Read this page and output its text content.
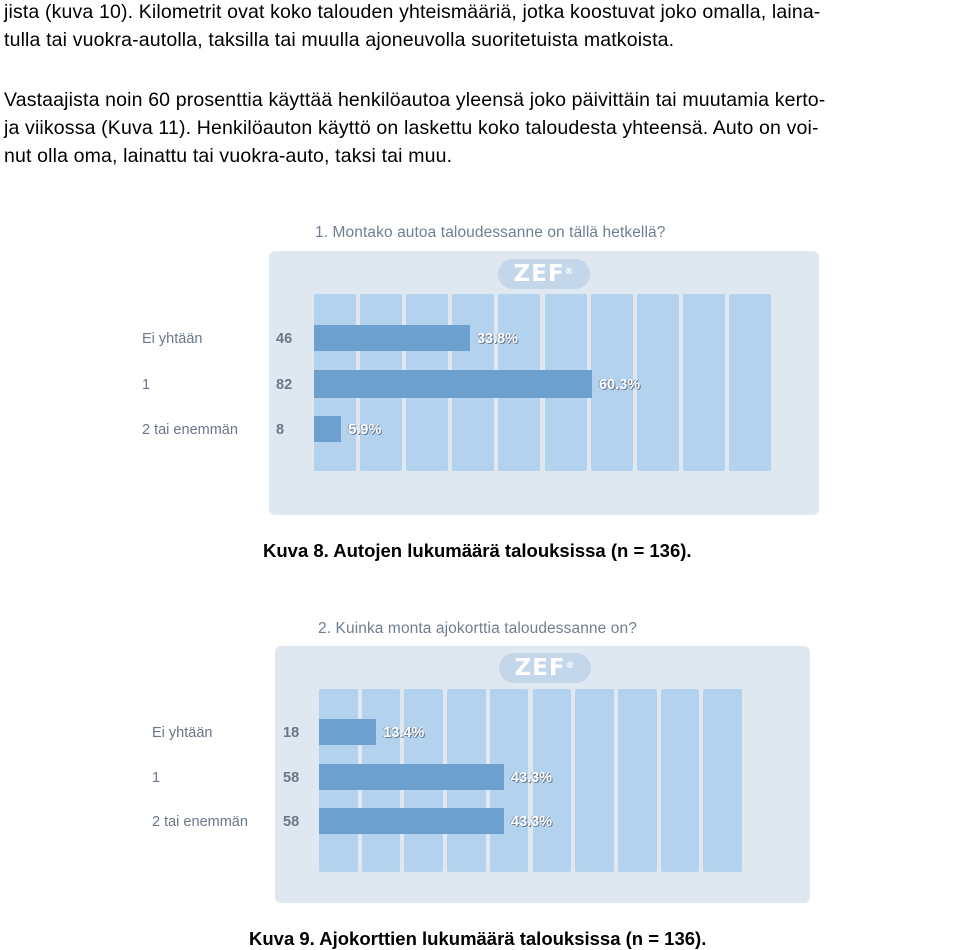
jista (kuva 10). Kilometrit ovat koko talouden yhteismääriä, jotka koostuvat joko omalla, laina-
tulla tai vuokra-autolla, taksilla tai muulla ajoneuvolla suoritetuista matkoista.
Vastaajista noin 60 prosenttia käyttää henkilöautoa yleensä joko päivittäin tai muutamia kerto-
ja viikossa (Kuva 11). Henkilöauton käyttö on laskettu koko taloudesta yhteensä. Auto on voi-
nut olla oma, lainattu tai vuokra-auto, taksi tai muu.
1. Montako autoa taloudessanne on tällä hetkellä?
ZEF®
Ei yhtään	46	33.8%
1	82	60.3%
2 tai enemmän	8	5.9%
Kuva 8. Autojen lukumäärä talouksissa (n = 136).
2. Kuinka monta ajokorttia taloudessanne on?
ZEF®
Ei yhtään	18	13.4%
1	58	43.3%
2 tai enemmän 58	43.3%
Kuva 9. Ajokorttien lukumäärä talouksissa (n = 136).
